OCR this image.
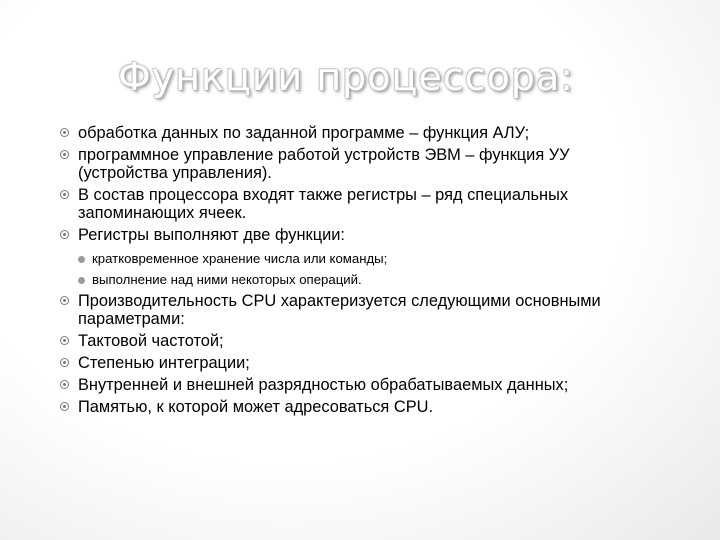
Функции процессора:
обработка данных по заданной программе – функция АЛУ;
программное управление работой устройств ЭВМ – функция УУ (устройства управления).
В состав процессора входят также регистры – ряд специальных запоминающих ячеек.
Регистры выполняют две функции:
кратковременное хранение числа или команды;
выполнение над ними некоторых операций.
Производительность CPU характеризуется следующими основными параметрами:
Тактовой частотой;
Степенью интеграции;
Внутренней и внешней разрядностью обрабатываемых данных;
Памятью, к которой может адресоваться CPU.
